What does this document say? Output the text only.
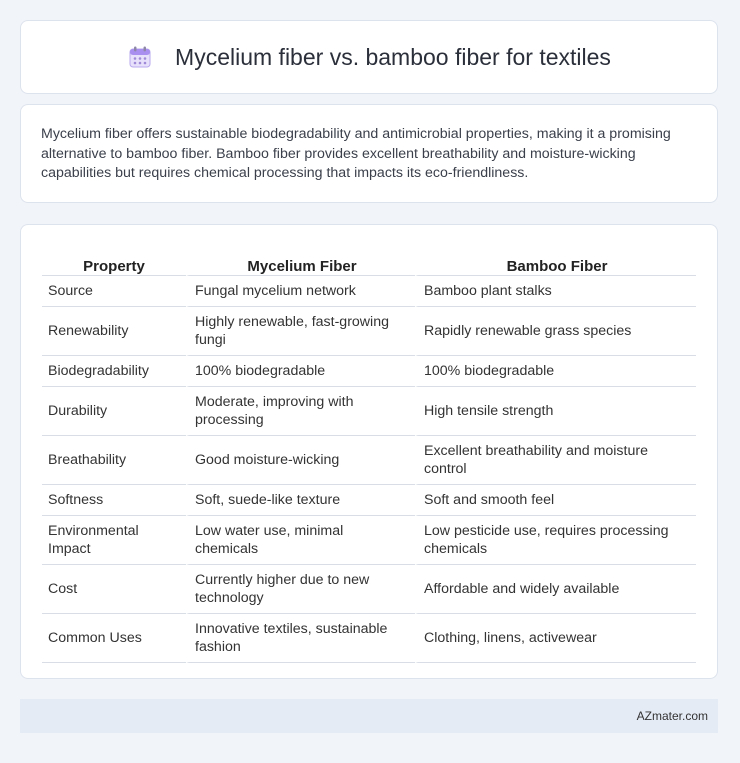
Mycelium fiber vs. bamboo fiber for textiles

Mycelium fiber offers sustainable biodegradability and antimicrobial properties, making it a promising alternative to bamboo fiber. Bamboo fiber provides excellent breathability and moisture-wicking capabilities but requires chemical processing that impacts its eco-friendliness.

Property	Mycelium Fiber	Bamboo Fiber
Source	Fungal mycelium network	Bamboo plant stalks
Renewability	Highly renewable, fast-growing fungi	Rapidly renewable grass species
Biodegradability	100% biodegradable	100% biodegradable
Durability	Moderate, improving with processing	High tensile strength
Breathability	Good moisture-wicking	Excellent breathability and moisture control
Softness	Soft, suede-like texture	Soft and smooth feel
Environmental Impact	Low water use, minimal chemicals	Low pesticide use, requires processing chemicals
Cost	Currently higher due to new technology	Affordable and widely available
Common Uses	Innovative textiles, sustainable fashion	Clothing, linens, activewear
AZmater.com
